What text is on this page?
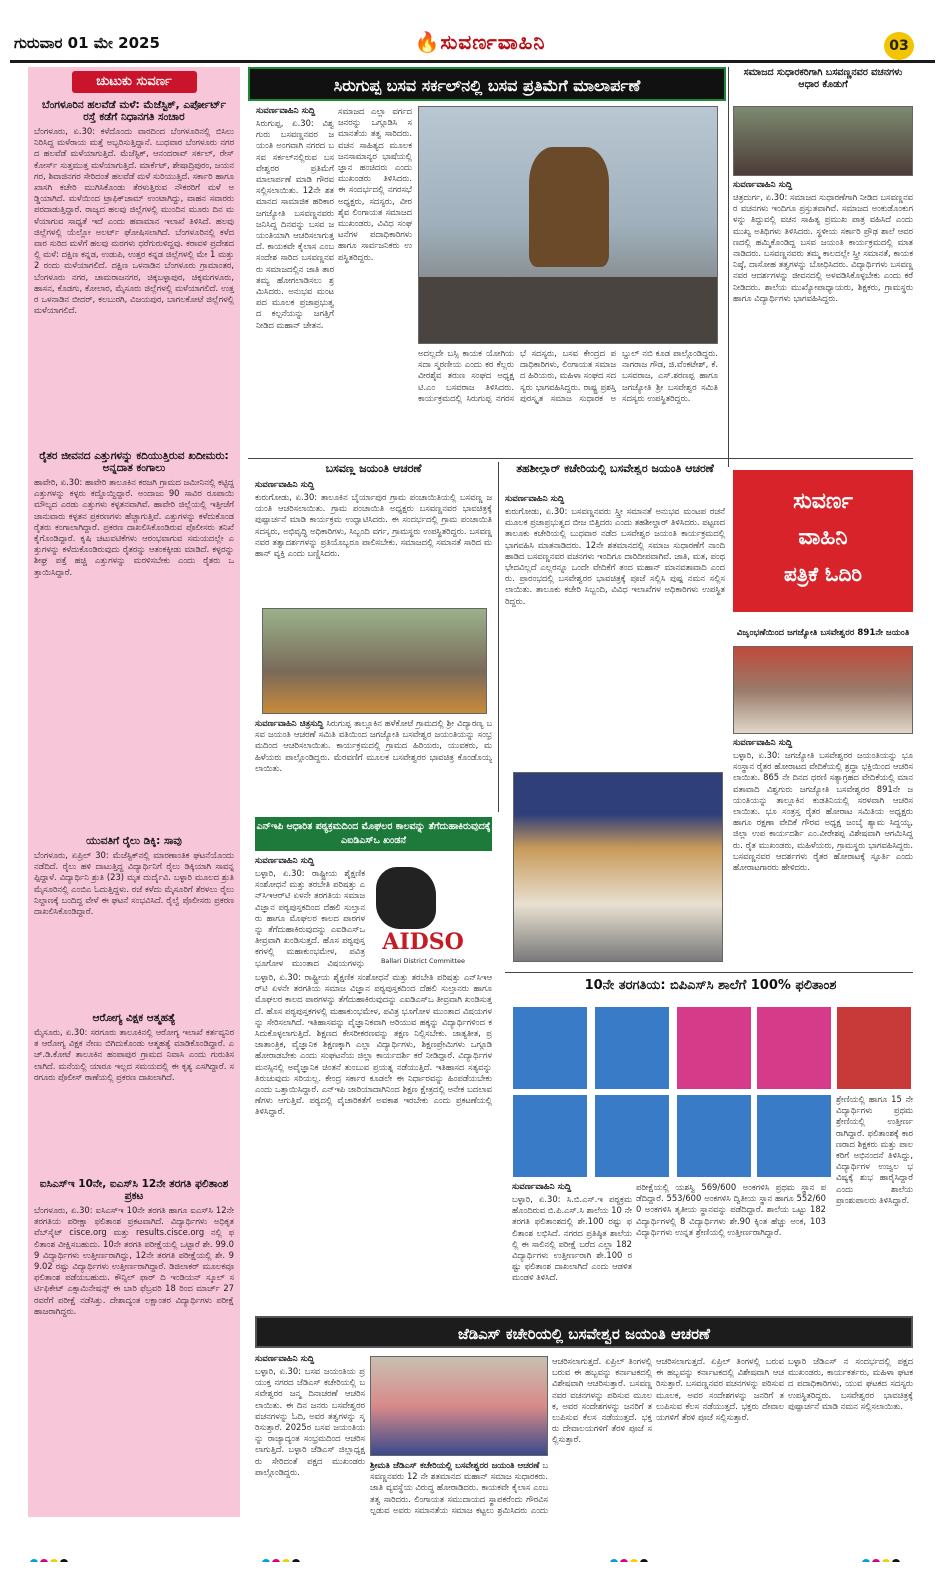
ಗುರುವಾರ 01 ಮೇ 2025	🔥ಸುವರ್ಣವಾಹಿನಿ	03
ಚುಟುಕು ಸುವರ್ಣ
ಬೆಂಗಳೂರಿನ ಹಲವೆಡೆ ಮಳೆ: ಮೆಜೆಸ್ಟಿಕ್, ಎರ್ಪೋರ್ಟ್ ರಸ್ತೆ ಕಡೆಗೆ ನಿಧಾನಗತಿ ಸಂಚಾರ
ಬೆಂಗಳೂರು, ಏ.30: ಕಳೆದೊಂದು ವಾರದಿಂದ ಬೆಂಗಳೂರಿನಲ್ಲಿ ಬಿಸಿಲು ನಿರಿಸಿದ್ದ ಮಳೆರಾಯ ಮತ್ತೆ ಅಬ್ಬರಿಸುತ್ತಿದ್ದಾನೆ. ಬುಧವಾರ ಬೆಂಗಳೂರು ನಗರದ ಹಲವೆಡೆ ಮಳೆಯಾಗುತ್ತಿದೆ. ಮೆಜೆಸ್ಟಿಕ್, ಆನಂದರಾವ್ ಸರ್ಕಲ್, ರೇಸ್ ಕೋರ್ಸ್ ಸುತ್ತಮುತ್ತ ಮಳೆಯಾಗುತ್ತಿದೆ. ಮಾರ್ಕೆಟ್, ಶೇಷಾದ್ರಿಪುರಂ, ಜಯನಗರ, ಶಿವಾಜಿನಗರ ಸೇರಿದಂತೆ ಹಲವೆಡೆ ಮಳೆ ಸುರಿಯುತ್ತಿದೆ. ಸರ್ಕಾರಿ ಹಾಗೂ ಖಾಸಗಿ ಕಚೇರಿ ಮುಗಿಸಿಕೊಂಡು ತೆರಳುತ್ತಿರುವ ನೌಕರರಿಗೆ ಮಳೆ ಅಡ್ಡಿಯಾಗಿದೆ. ಮಳೆಯಿಂದ ಟ್ರಾಫಿಕ್‌ಜಾಮ್ ಉಂಟಾಗಿದ್ದು, ವಾಹನ ಸವಾರರು ಪರದಾಡುತ್ತಿದ್ದಾರೆ. ರಾಜ್ಯದ ಹಲವು ಜಿಲ್ಲೆಗಳಲ್ಲಿ ಮುಂದಿನ ಮೂರು ದಿನ ಮಳೆಯಾಗುವ ಸಾಧ್ಯತೆ ಇದೆ ಎಂದು ಹವಾಮಾನ ಇಲಾಖೆ ತಿಳಿಸಿದೆ. ಹಲವು ಜಿಲ್ಲೆಗಳಲ್ಲಿ ಯೆಲ್ಲೋ ಅಲರ್ಟ್ ಘೋಷಿಸಲಾಗಿದೆ. ಬೆಂಗಳೂರಿನಲ್ಲಿ ಕಳೆದ ವಾರ ಸುರಿದ ಮಳೆಗೆ ಹಲವು ಮರಗಳು ಧರೆಗುರುಳಿದ್ದವು. ಕರಾವಳಿ ಪ್ರದೇಶದಲ್ಲಿ ಮಳೆ: ದಕ್ಷಿಣ ಕನ್ನಡ, ಉಡುಪಿ, ಉತ್ತರ ಕನ್ನಡ ಜಿಲ್ಲೆಗಳಲ್ಲಿ ಮೇ 1 ಮತ್ತು 2 ರಂದು ಮಳೆಯಾಗಲಿದೆ. ದಕ್ಷಿಣ ಒಳನಾಡಿನ ಬೆಂಗಳೂರು ಗ್ರಾಮಾಂತರ, ಬೆಂಗಳೂರು ನಗರ, ಚಾಮರಾಜನಗರ, ಚಿಕ್ಕಬಳ್ಳಾಪುರ, ಚಿಕ್ಕಮಗಳೂರು, ಹಾಸನ, ಕೊಡಗು, ಕೋಲಾರ, ಮೈಸೂರು ಜಿಲ್ಲೆಗಳಲ್ಲಿ ಮಳೆಯಾಗಲಿದೆ. ಉತ್ತರ ಒಳನಾಡಿನ ಬೀದರ್, ಕಲಬುರಗಿ, ವಿಜಯಪುರ, ಬಾಗಲಕೋಟೆ ಜಿಲ್ಲೆಗಳಲ್ಲಿ ಮಳೆಯಾಗಲಿದೆ.
ರೈತರ ಜೀವನದ ಎತ್ತುಗಳನ್ನು ಕದಿಯುತ್ತಿರುವ ಖದೀಮರು: ಅನ್ನದಾತ ಕಂಗಾಲು
ಹಾವೇರಿ, ಏ.30: ಹಾವೇರಿ ತಾಲೂಕಿನ ಕರಜಗಿ ಗ್ರಾಮದ ಜಮೀನಿನಲ್ಲಿ ಕಟ್ಟಿದ್ದ ಎತ್ತುಗಳನ್ನು ಕಳ್ಳರು ಕದ್ದೊಯ್ದಿದ್ದಾರೆ. ಅಂದಾಜು 90 ಸಾವಿರ ರೂಪಾಯಿ ಮೌಲ್ಯದ ಎರಡು ಎತ್ತುಗಳು ಕಳ್ಳತನವಾಗಿವೆ. ಹಾವೇರಿ ಜಿಲ್ಲೆಯಲ್ಲಿ ಇತ್ತೀಚೆಗೆ ಜಾನುವಾರು ಕಳ್ಳತನ ಪ್ರಕರಣಗಳು ಹೆಚ್ಚಾಗುತ್ತಿವೆ. ಎತ್ತುಗಳನ್ನು ಕಳೆದುಕೊಂಡ ರೈತರು ಕಂಗಾಲಾಗಿದ್ದಾರೆ. ಪ್ರಕರಣ ದಾಖಲಿಸಿಕೊಂಡಿರುವ ಪೊಲೀಸರು ತನಿಖೆ ಕೈಗೊಂಡಿದ್ದಾರೆ. ಕೃಷಿ ಚಟುವಟಿಕೆಗಳು ಆರಂಭವಾಗುವ ಸಮಯದಲ್ಲೇ ಎತ್ತುಗಳನ್ನು ಕಳೆದುಕೊಂಡಿರುವುದು ರೈತರನ್ನು ಆತಂಕಕ್ಕೀಡು ಮಾಡಿದೆ. ಕಳ್ಳರನ್ನು ಶೀಘ್ರ ಪತ್ತೆ ಹಚ್ಚಿ ಎತ್ತುಗಳನ್ನು ಮರಳಿಸಬೇಕು ಎಂದು ರೈತರು ಒತ್ತಾಯಿಸಿದ್ದಾರೆ.
ಯುವತಿಗೆ ರೈಲು ಡಿಕ್ಕಿ: ಸಾವು
ಬೆಂಗಳೂರು, ಏಪ್ರಿಲ್ 30: ಮೆಜೆಸ್ಟಿಕ್‌ನಲ್ಲಿ ಮಾರಣಾಂತಿಕ ಘಟನೆಯೊಂದು ನಡೆದಿದೆ. ರೈಲು ಹಳಿ ದಾಟುತ್ತಿದ್ದ ವಿದ್ಯಾರ್ಥಿನಿಗೆ ರೈಲು ಡಿಕ್ಕಿಯಾಗಿ ಸಾವನ್ನಪ್ಪಿದ್ದಾಳೆ. ವಿದ್ಯಾರ್ಥಿನಿ ಶ್ರುತಿ (23) ಮೃತ ದುರ್ದೈವಿ. ಬಳ್ಳಾರಿ ಮೂಲದ ಶ್ರುತಿ ಮೈಸೂರಿನಲ್ಲಿ ಎಂಬಿಎ ಓದುತ್ತಿದ್ದಳು. ರಜೆ ಕಳೆದು ಮೈಸೂರಿಗೆ ತೆರಳಲು ರೈಲು ನಿಲ್ದಾಣಕ್ಕೆ ಬಂದಿದ್ದ ವೇಳೆ ಈ ಘಟನೆ ಸಂಭವಿಸಿದೆ. ರೈಲ್ವೆ ಪೊಲೀಸರು ಪ್ರಕರಣ ದಾಖಲಿಸಿಕೊಂಡಿದ್ದಾರೆ.
ಆರೋಗ್ಯ ವಿಕ್ಷಕ ಆತ್ಮಹತ್ಯೆ
ಮೈಸೂರು, ಏ.30: ಸರಗೂರು ತಾಲೂಕಿನಲ್ಲಿ ಆರೋಗ್ಯ ಇಲಾಖೆ ಕರ್ತವ್ಯನಿರತ ಆರೋಗ್ಯ ವಿಕ್ಷಕ ನೇಣು ಬಿಗಿದುಕೊಂಡು ಆತ್ಮಹತ್ಯೆ ಮಾಡಿಕೊಂಡಿದ್ದಾರೆ. ಎಚ್.ಡಿ.ಕೋಟೆ ತಾಲೂಕಿನ ಹಂಪಾಪುರ ಗ್ರಾಮದ ನಿವಾಸಿ ಎಂದು ಗುರುತಿಸಲಾಗಿದೆ. ಮನೆಯಲ್ಲಿ ಯಾರೂ ಇಲ್ಲದ ಸಮಯದಲ್ಲಿ ಈ ಕೃತ್ಯ ಎಸಗಿದ್ದಾರೆ. ಸರಗೂರು ಪೊಲೀಸ್ ಠಾಣೆಯಲ್ಲಿ ಪ್ರಕರಣ ದಾಖಲಾಗಿದೆ.
ಐಸಿಎಸ್‌ಇ 10ನೇ, ಐಎಸ್‌ಸಿ 12ನೇ ತರಗತಿ ಫಲಿತಾಂಶ ಪ್ರಕಟ
ಬೆಂಗಳೂರು, ಏ.30: ಐಸಿಎಸ್‌ಇ 10ನೇ ತರಗತಿ ಹಾಗೂ ಐಎಸ್‌ಸಿ 12ನೇ ತರಗತಿಯ ಪರೀಕ್ಷಾ ಫಲಿತಾಂಶ ಪ್ರಕಟವಾಗಿದೆ. ವಿದ್ಯಾರ್ಥಿಗಳು ಅಧಿಕೃತ ವೆಬ್‌ಸೈಟ್ cisce.org ಮತ್ತು results.cisce.org ನಲ್ಲಿ ಫಲಿತಾಂಶ ವೀಕ್ಷಿಸಬಹುದು. 10ನೇ ತರಗತಿ ಪರೀಕ್ಷೆಯಲ್ಲಿ ಒಟ್ಟಾರೆ ಶೇ. 99.09 ವಿದ್ಯಾರ್ಥಿಗಳು ಉತ್ತೀರ್ಣರಾಗಿದ್ದು, 12ನೇ ತರಗತಿ ಪರೀಕ್ಷೆಯಲ್ಲಿ ಶೇ. 99.02 ರಷ್ಟು ವಿದ್ಯಾರ್ಥಿಗಳು ಉತ್ತೀರ್ಣರಾಗಿದ್ದಾರೆ. ಡಿಜಿಲಾಕರ್ ಮೂಲಕವೂ ಫಲಿತಾಂಶ ಪಡೆಯಬಹುದು. ಕೌನ್ಸಿಲ್ ಫಾರ್ ದಿ ಇಂಡಿಯನ್ ಸ್ಕೂಲ್ ಸರ್ಟಿಫಿಕೇಟ್ ಎಕ್ಸಾಮಿನೇಷನ್ಸ್ ಈ ಬಾರಿ ಫೆಬ್ರವರಿ 18 ರಿಂದ ಮಾರ್ಚ್ 27 ರವರೆಗೆ ಪರೀಕ್ಷೆ ನಡೆಸಿತ್ತು. ದೇಶಾದ್ಯಂತ ಲಕ್ಷಾಂತರ ವಿದ್ಯಾರ್ಥಿಗಳು ಪರೀಕ್ಷೆ ಹಾಜರಾಗಿದ್ದರು.
ಸಿರುಗುಪ್ಪ ಬಸವ ಸರ್ಕಲ್‌ನಲ್ಲಿ ಬಸವ ಪ್ರತಿಮೆಗೆ ಮಾಲಾರ್ಪಣೆ
ಸುವರ್ಣವಾಹಿನಿ ಸುದ್ದಿ
ಸಿರುಗುಪ್ಪ, ಏ.30: ವಿಶ್ವ ಗುರು ಬಸವಣ್ಣನವರ ಜಯಂತಿ ಅಂಗವಾಗಿ ನಗರದ ಬಸವ ಸರ್ಕಲ್‌ನಲ್ಲಿರುವ ಬಸವೇಶ್ವರರ ಪ್ರತಿಮೆಗೆ ಮಾಲಾರ್ಪಣೆ ಮಾಡಿ ಗೌರವ ಸಲ್ಲಿಸಲಾಯಿತು. 12ನೇ ಶತಮಾನದ ಸಾಮಾಜಿಕ ಹರಿಕಾರ ಜಗಜ್ಯೋತಿ ಬಸವಣ್ಣನವರು ಜನಿಸಿದ್ದ ದಿನವನ್ನು ಬಸವ ಜಯಂತಿಯಾಗಿ ಆಚರಿಸಲಾಗುತ್ತದೆ. ಕಾಯಕವೇ ಕೈಲಾಸ ಎಂಬ ಸಂದೇಶ ಸಾರಿದ ಬಸವಣ್ಣನವರು ಸಮಾಜದಲ್ಲಿನ ಜಾತಿ ತಾರತಮ್ಯ ಹೋಗಲಾಡಿಸಲು ಶ್ರಮಿಸಿದರು. ಅನುಭವ ಮಂಟಪದ ಮೂಲಕ ಪ್ರಜಾಪ್ರಭುತ್ವದ ಕಲ್ಪನೆಯನ್ನು ಜಗತ್ತಿಗೆ ನೀಡಿದ ಮಹಾನ್ ಚೇತನ.
ಸಮಾಜದ ಎಲ್ಲಾ ವರ್ಗದ ಜನರನ್ನು ಒಗ್ಗೂಡಿಸಿ ಸಮಾನತೆಯ ತತ್ವ ಸಾರಿದರು. ವಚನ ಸಾಹಿತ್ಯದ ಮೂಲಕ ಜನಸಾಮಾನ್ಯರ ಭಾಷೆಯಲ್ಲಿ ಜ್ಞಾನ ಹಂಚಿದರು ಎಂದು ಮುಖಂಡರು ತಿಳಿಸಿದರು. ಈ ಸಂದರ್ಭದಲ್ಲಿ ನಗರಸಭೆ ಅಧ್ಯಕ್ಷರು, ಸದಸ್ಯರು, ವೀರಶೈವ ಲಿಂಗಾಯತ ಸಮಾಜದ ಮುಖಂಡರು, ವಿವಿಧ ಸಂಘಟನೆಗಳ ಪದಾಧಿಕಾರಿಗಳು ಹಾಗೂ ಸಾರ್ವಜನಿಕರು ಉಪಸ್ಥಿತರಿದ್ದರು.
ಅದಲ್ಲದೇ ಬಸ್ಸಿ ಕಾಯಕ ಯೋಗಿಯ ಸದಾ ಸ್ಮರಣೀಯ ಎಂದು ಕರ ಕೆಲ್ಲರು ವೀರಶೈವ ತರುಣ ಸಂಘದ ಅಧ್ಯಕ್ಷ ಟಿ.ಎಂ ಬಸವರಾಜ ತಿಳಿಸಿದರು. ಕಾರ್ಯಕ್ರಮದಲ್ಲಿ ಸಿರುಗುಪ್ಪ ನಗರಸಭೆ ಸದಸ್ಯರು, ಬಸವ ಕೇಂದ್ರದ ಪದಾಧಿಕಾರಿಗಳು, ಲಿಂಗಾಯತ ಸಮಾಜದ ಹಿರಿಯರು, ಮಹಿಳಾ ಸಂಘದ ಸದಸ್ಯರು ಭಾಗವಹಿಸಿದ್ದರು. ರಾಷ್ಟ್ರ ಪ್ರಶಸ್ತಿ ಪುರಸ್ಕೃತ ಸಮಾಜ ಸುಧಾರಕ ಅಬ್ದುಲ್ ನಬಿ ಕೂಡ ಪಾಲ್ಗೊಂಡಿದ್ದರು. ನಾಗರಾಜ ಗೌಡ, ಜಿ.ವೆಂಕಟೇಶ್, ಕೆ.ಬಸವರಾಜ, ಎಸ್.ಶರಣಪ್ಪ ಹಾಗೂ ಜಗಜ್ಯೋತಿ ಶ್ರೀ ಬಸವೇಶ್ವರ ಸಮಿತಿ ಸದಸ್ಯರು ಉಪಸ್ಥಿತರಿದ್ದರು.
ಸಮಾಜದ ಸುಧಾರಕರಿಗಾಗಿ ಬಸವಣ್ಣನವರ ವಚನಗಳು ಆಧಾರ ಕೊಡುಗೆ
ಸುವರ್ಣವಾಹಿನಿ ಸುದ್ದಿ
ಚಿತ್ರದುರ್ಗ, ಏ.30: ಸಮಾಜದ ಸುಧಾರಣೆಗಾಗಿ ನೀಡಿದ ಬಸವಣ್ಣನವರ ವಚನಗಳು ಇಂದಿಗೂ ಪ್ರಸ್ತುತವಾಗಿವೆ. ಸಮಾಜದ ಅಂಕುಡೊಂಕುಗಳನ್ನು ತಿದ್ದುವಲ್ಲಿ ವಚನ ಸಾಹಿತ್ಯ ಪ್ರಮುಖ ಪಾತ್ರ ವಹಿಸಿದೆ ಎಂದು ಮುಖ್ಯ ಅತಿಥಿಗಳು ತಿಳಿಸಿದರು. ಸ್ಥಳೀಯ ಸರ್ಕಾರಿ ಪ್ರೌಢ ಶಾಲೆ ಆವರಣದಲ್ಲಿ ಹಮ್ಮಿಕೊಂಡಿದ್ದ ಬಸವ ಜಯಂತಿ ಕಾರ್ಯಕ್ರಮದಲ್ಲಿ ಮಾತನಾಡಿದರು. ಬಸವಣ್ಣನವರು ತಮ್ಮ ಕಾಲದಲ್ಲೇ ಸ್ತ್ರೀ ಸಮಾನತೆ, ಕಾಯಕ ನಿಷ್ಠೆ, ದಾಸೋಹ ತತ್ವಗಳನ್ನು ಬೋಧಿಸಿದರು. ವಿದ್ಯಾರ್ಥಿಗಳು ಬಸವಣ್ಣನವರ ಆದರ್ಶಗಳನ್ನು ಜೀವನದಲ್ಲಿ ಅಳವಡಿಸಿಕೊಳ್ಳಬೇಕು ಎಂದು ಕರೆ ನೀಡಿದರು. ಶಾಲೆಯ ಮುಖ್ಯೋಪಾಧ್ಯಾಯರು, ಶಿಕ್ಷಕರು, ಗ್ರಾಮಸ್ಥರು ಹಾಗೂ ವಿದ್ಯಾರ್ಥಿಗಳು ಭಾಗವಹಿಸಿದ್ದರು.
ಬಸವಣ್ಣ ಜಯಂತಿ ಆಚರಣೆ
ಸುವರ್ಣವಾಹಿನಿ ಸುದ್ದಿ
ಕುರುಗೋಡು, ಏ.30: ತಾಲೂಕಿನ ಬೈರ್ಯಾಪುರ ಗ್ರಾಮ ಪಂಚಾಯಿತಿಯಲ್ಲಿ ಬಸವಣ್ಣ ಜಯಂತಿ ಆಚರಿಸಲಾಯಿತು. ಗ್ರಾಮ ಪಂಚಾಯಿತಿ ಅಧ್ಯಕ್ಷರು ಬಸವಣ್ಣನವರ ಭಾವಚಿತ್ರಕ್ಕೆ ಪುಷ್ಪಾರ್ಚನೆ ಮಾಡಿ ಕಾರ್ಯಕ್ರಮ ಉದ್ಘಾಟಿಸಿದರು. ಈ ಸಂದರ್ಭದಲ್ಲಿ ಗ್ರಾಮ ಪಂಚಾಯಿತಿ ಸದಸ್ಯರು, ಅಭಿವೃದ್ಧಿ ಅಧಿಕಾರಿಗಳು, ಸಿಬ್ಬಂದಿ ವರ್ಗ, ಗ್ರಾಮಸ್ಥರು ಉಪಸ್ಥಿತರಿದ್ದರು. ಬಸವಣ್ಣನವರ ತತ್ವಾದರ್ಶಗಳನ್ನು ಪ್ರತಿಯೊಬ್ಬರೂ ಪಾಲಿಸಬೇಕು. ಸಮಾಜದಲ್ಲಿ ಸಮಾನತೆ ಸಾರಿದ ಮಹಾನ್ ವ್ಯಕ್ತಿ ಎಂದು ಬಣ್ಣಿಸಿದರು.
ಸುವರ್ಣವಾಹಿನಿ ಚಿತ್ರಸುದ್ದಿ ಸಿರುಗುಪ್ಪ ತಾಲ್ಲೂಕಿನ ಹಳೆಕೋಟೆ ಗ್ರಾಮದಲ್ಲಿ ಶ್ರೀ ವಿದ್ಯಾರಣ್ಯ ಬಸವ ಜಯಂತಿ ಆಚರಣೆ ಸಮಿತಿ ವತಿಯಿಂದ ಜಗಜ್ಯೋತಿ ಬಸವೇಶ್ವರ ಜಯಂತಿಯನ್ನು ಸಂಭ್ರಮದಿಂದ ಆಚರಿಸಲಾಯಿತು. ಕಾರ್ಯಕ್ರಮದಲ್ಲಿ ಗ್ರಾಮದ ಹಿರಿಯರು, ಯುವಕರು, ಮಹಿಳೆಯರು ಪಾಲ್ಗೊಂಡಿದ್ದರು. ಮೆರವಣಿಗೆ ಮೂಲಕ ಬಸವೇಶ್ವರರ ಭಾವಚಿತ್ರ ಕೊಂಡೊಯ್ಯಲಾಯಿತು.
ತಹಶೀಲ್ದಾರ್ ಕಚೇರಿಯಲ್ಲಿ ಬಸವೇಶ್ವರ ಜಯಂತಿ ಆಚರಣೆ
ಸುವರ್ಣವಾಹಿನಿ ಸುದ್ದಿ
ಕುರುಗೋಡು, ಏ.30: ಬಸವಣ್ಣನವರು ಸ್ತ್ರೀ ಸಮಾನತೆ ಅನುಭವ ಮಂಟಪ ರಚನೆ ಮೂಲಕ ಪ್ರಜಾಪ್ರಭುತ್ವದ ಬೀಜ ಬಿತ್ತಿದರು ಎಂದು ತಹಶೀಲ್ದಾರ್ ತಿಳಿಸಿದರು. ಪಟ್ಟಣದ ತಾಲೂಕು ಕಚೇರಿಯಲ್ಲಿ ಬುಧವಾರ ನಡೆದ ಬಸವೇಶ್ವರ ಜಯಂತಿ ಕಾರ್ಯಕ್ರಮದಲ್ಲಿ ಭಾಗವಹಿಸಿ ಮಾತನಾಡಿದರು. 12ನೇ ಶತಮಾನದಲ್ಲಿ ಸಮಾಜ ಸುಧಾರಣೆಗೆ ನಾಂದಿ ಹಾಡಿದ ಬಸವಣ್ಣನವರ ವಚನಗಳು ಇಂದಿಗೂ ದಾರಿದೀಪವಾಗಿವೆ. ಜಾತಿ, ಮತ, ಪಂಥ ಭೇದವಿಲ್ಲದೆ ಎಲ್ಲರನ್ನೂ ಒಂದೇ ವೇದಿಕೆಗೆ ತಂದ ಮಹಾನ್ ಮಾನವತಾವಾದಿ ಎಂದರು. ಪ್ರಾರಂಭದಲ್ಲಿ ಬಸವೇಶ್ವರರ ಭಾವಚಿತ್ರಕ್ಕೆ ಪೂಜೆ ಸಲ್ಲಿಸಿ ಪುಷ್ಪ ನಮನ ಸಲ್ಲಿಸಲಾಯಿತು. ತಾಲೂಕು ಕಚೇರಿ ಸಿಬ್ಬಂದಿ, ವಿವಿಧ ಇಲಾಖೆಗಳ ಅಧಿಕಾರಿಗಳು ಉಪಸ್ಥಿತರಿದ್ದರು.
ಸುವರ್ಣ
ವಾಹಿನಿ
ಪತ್ರಿಕೆ ಓದಿರಿ
ವಿಜೃಂಭಣೆಯಿಂದ ಜಗಜ್ಯೋತಿ ಬಸವೇಶ್ವರರ 891ನೇ ಜಯಂತಿ
ಸುವರ್ಣವಾಹಿನಿ ಸುದ್ದಿ
ಬಳ್ಳಾರಿ, ಏ.30: ಜಗಜ್ಯೋತಿ ಬಸವೇಶ್ವರರ ಜಯಂತಿಯನ್ನು ಭೂ ಸಂಸ್ಥಾನ ರೈತರ ಹೋರಾಟದ ವೇದಿಕೆಯಲ್ಲಿ ಶ್ರದ್ಧಾ ಭಕ್ತಿಯಿಂದ ಆಚರಿಸಲಾಯಿತು. 865 ನೇ ದಿನದ ಧರಣಿ ಸತ್ಯಾಗ್ರಹದ ವೇದಿಕೆಯಲ್ಲಿ ಮಾನವತಾವಾದಿ ವಿಶ್ವಗುರು ಜಗಜ್ಯೋತಿ ಬಸವೇಶ್ವರರ 891ನೇ ಜಯಂತಿಯನ್ನು ತಾಲ್ಲೂಕಿನ ಕುಡತಿನಿಯಲ್ಲಿ ಸರಳವಾಗಿ ಆಚರಿಸಲಾಯಿತು. ಭೂ ಸಂತ್ರಸ್ತ ರೈತರ ಹೋರಾಟ ಸಮಿತಿಯ ಅಧ್ಯಕ್ಷರು ಹಾಗೂ ರಕ್ಷಣಾ ವೇದಿಕೆ ಗೌರವ ಅಧ್ಯಕ್ಷ ಜಂಬೈ ಶ್ಯಾಮ ಸಿದ್ದಯ್ಯ, ಜಿಲ್ಲಾ ಉಪ ಕಾರ್ಯದರ್ಶಿ ಎಂ.ವೀರೇಶಪ್ಪ ವಿಶೇಷವಾಗಿ ಆಗಮಿಸಿದ್ದರು. ರೈತ ಮುಖಂಡರು, ಮಹಿಳೆಯರು, ಗ್ರಾಮಸ್ಥರು ಭಾಗವಹಿಸಿದ್ದರು. ಬಸವಣ್ಣನವರ ಆದರ್ಶಗಳು ರೈತರ ಹೋರಾಟಕ್ಕೆ ಸ್ಫೂರ್ತಿ ಎಂದು ಹೋರಾಟಗಾರರು ಹೇಳಿದರು.
ಎನ್‌ಇಪಿ ಆಧಾರಿತ ಪಠ್ಯಕ್ರಮದಿಂದ ಮೊಘಲರ ಕಾಲವನ್ನು ತೆಗೆದುಹಾಕಿರುವುದಕ್ಕೆ ಎಐಡಿಎಸ್‌ಒ ಖಂಡನೆ
ಸುವರ್ಣವಾಹಿನಿ ಸುದ್ದಿ
ಬಳ್ಳಾರಿ, ಏ.30: ರಾಷ್ಟ್ರೀಯ ಶೈಕ್ಷಣಿಕ ಸಂಶೋಧನೆ ಮತ್ತು ತರಬೇತಿ ಪರಿಷತ್ತು ಎನ್‌ಸಿಇಆರ್‌ಟಿ ಏಳನೇ ತರಗತಿಯ ಸಮಾಜ ವಿಜ್ಞಾನ ಪಠ್ಯಪುಸ್ತಕದಿಂದ ದೆಹಲಿ ಸುಲ್ತಾನರು ಹಾಗೂ ಮೊಘಲರ ಕಾಲದ ಪಾಠಗಳನ್ನು ತೆಗೆದುಹಾಕಿರುವುದನ್ನು ಎಐಡಿಎಸ್‌ಒ ತೀವ್ರವಾಗಿ ಖಂಡಿಸುತ್ತದೆ. ಹೊಸ ಪಠ್ಯಪುಸ್ತಕಗಳಲ್ಲಿ ಮಹಾಕುಂಭಮೇಳ, ಪವಿತ್ರ ಭೂಗೋಳ ಮುಂತಾದ ವಿಷಯಗಳನ್ನು
AIDSO
Ballari District Committee
ಬಳ್ಳಾರಿ, ಏ.30: ರಾಷ್ಟ್ರೀಯ ಶೈಕ್ಷಣಿಕ ಸಂಶೋಧನೆ ಮತ್ತು ತರಬೇತಿ ಪರಿಷತ್ತು ಎನ್‌ಸಿಇಆರ್‌ಟಿ ಏಳನೇ ತರಗತಿಯ ಸಮಾಜ ವಿಜ್ಞಾನ ಪಠ್ಯಪುಸ್ತಕದಿಂದ ದೆಹಲಿ ಸುಲ್ತಾನರು ಹಾಗೂ ಮೊಘಲರ ಕಾಲದ ಪಾಠಗಳನ್ನು ತೆಗೆದುಹಾಕಿರುವುದನ್ನು ಎಐಡಿಎಸ್‌ಒ ತೀವ್ರವಾಗಿ ಖಂಡಿಸುತ್ತದೆ. ಹೊಸ ಪಠ್ಯಪುಸ್ತಕಗಳಲ್ಲಿ ಮಹಾಕುಂಭಮೇಳ, ಪವಿತ್ರ ಭೂಗೋಳ ಮುಂತಾದ ವಿಷಯಗಳನ್ನು ಸೇರಿಸಲಾಗಿದೆ. ಇತಿಹಾಸವನ್ನು ವೈಜ್ಞಾನಿಕವಾಗಿ ಅರಿಯುವ ಹಕ್ಕನ್ನು ವಿದ್ಯಾರ್ಥಿಗಳಿಂದ ಕಸಿದುಕೊಳ್ಳಲಾಗುತ್ತಿದೆ. ಶಿಕ್ಷಣದ ಕೇಸರೀಕರಣವನ್ನು ತಕ್ಷಣ ನಿಲ್ಲಿಸಬೇಕು. ಜಾತ್ಯತೀತ, ಪ್ರಜಾತಾಂತ್ರಿಕ, ವೈಜ್ಞಾನಿಕ ಶಿಕ್ಷಣಕ್ಕಾಗಿ ಎಲ್ಲಾ ವಿದ್ಯಾರ್ಥಿಗಳು, ಶಿಕ್ಷಣಪ್ರೇಮಿಗಳು ಒಗ್ಗೂಡಿ ಹೋರಾಡಬೇಕು ಎಂದು ಸಂಘಟನೆಯ ಜಿಲ್ಲಾ ಕಾರ್ಯದರ್ಶಿ ಕರೆ ನೀಡಿದ್ದಾರೆ. ವಿದ್ಯಾರ್ಥಿಗಳ ಮನಸ್ಸಿನಲ್ಲಿ ಅವೈಜ್ಞಾನಿಕ ಚಿಂತನೆ ತುಂಬುವ ಪ್ರಯತ್ನ ನಡೆಯುತ್ತಿದೆ. ಇತಿಹಾಸದ ಸತ್ಯವನ್ನು ತಿರುಚುವುದು ಸರಿಯಲ್ಲ. ಕೇಂದ್ರ ಸರ್ಕಾರ ಕೂಡಲೇ ಈ ನಿರ್ಧಾರವನ್ನು ಹಿಂಪಡೆಯಬೇಕು ಎಂದು ಒತ್ತಾಯಿಸಿದ್ದಾರೆ. ಎನ್‌ಇಪಿ ಜಾರಿಯಾದಾಗಿನಿಂದ ಶಿಕ್ಷಣ ಕ್ಷೇತ್ರದಲ್ಲಿ ಅನೇಕ ಬದಲಾವಣೆಗಳು ಆಗುತ್ತಿವೆ. ಪಠ್ಯದಲ್ಲಿ ವೈಚಾರಿಕತೆಗೆ ಅವಕಾಶ ಇರಬೇಕು ಎಂದು ಪ್ರಕಟಣೆಯಲ್ಲಿ ತಿಳಿಸಿದ್ದಾರೆ.
10ನೇ ತರಗತಿಯ: ಬಿಪಿಎಸ್‌ಸಿ ಶಾಲೆಗೆ 100% ಫಲಿತಾಂಶ
ಸುವರ್ಣವಾಹಿನಿ ಸುದ್ದಿ
ಬಳ್ಳಾರಿ, ಏ.30: ಸಿ.ಬಿ.ಎಸ್.ಇ ಪಠ್ಯಕ್ರಮ ಹೊಂದಿರುವ ಬಿ.ಪಿ.ಎಸ್.ಸಿ ಶಾಲೆಯ 10 ನೇ ತರಗತಿ ಫಲಿತಾಂಶದಲ್ಲಿ ಶೇ.100 ರಷ್ಟು ಫಲಿತಾಂಶ ಲಭಿಸಿದೆ. ನಗರದ ಪ್ರತಿಷ್ಠಿತ ಶಾಲೆಯಲ್ಲಿ ಈ ಸಾಲಿನಲ್ಲಿ ಪರೀಕ್ಷೆ ಬರೆದ ಎಲ್ಲಾ 182 ವಿದ್ಯಾರ್ಥಿಗಳು ಉತ್ತೀರ್ಣರಾಗಿ ಶೇ.100 ರಷ್ಟು ಫಲಿತಾಂಶ ದಾಖಲಾಗಿದೆ ಎಂದು ಆಡಳಿತ ಮಂಡಳಿ ತಿಳಿಸಿದೆ.
ಪರೀಕ್ಷೆಯಲ್ಲಿ ಯಶಸ್ವಿ 569/600 ಅಂಕಗಳಿಸಿ ಪ್ರಥಮ ಸ್ಥಾನ ಪಡೆದಿದ್ದಾರೆ. 553/600 ಅಂಕಗಳಿಸಿ ದ್ವಿತೀಯ ಸ್ಥಾನ ಹಾಗೂ 552/600 ಅಂಕಗಳಿಸಿ ತೃತೀಯ ಸ್ಥಾನವನ್ನು ಪಡೆದಿದ್ದಾರೆ. ಶಾಲೆಯ ಒಟ್ಟು 182 ವಿದ್ಯಾರ್ಥಿಗಳಲ್ಲಿ 8 ವಿದ್ಯಾರ್ಥಿಗಳು ಶೇ.90 ಕ್ಕಿಂತ ಹೆಚ್ಚು ಅಂಕ, 103 ವಿದ್ಯಾರ್ಥಿಗಳು ಉನ್ನತ ಶ್ರೇಣಿಯಲ್ಲಿ ಉತ್ತೀರ್ಣರಾಗಿದ್ದಾರೆ.
ಶ್ರೇಣಿಯಲ್ಲಿ ಹಾಗೂ 15 ನೇ ವಿದ್ಯಾರ್ಥಿಗಳು ಪ್ರಥಮ ಶ್ರೇಣಿಯಲ್ಲಿ ಉತ್ತೀರ್ಣರಾಗಿದ್ದಾರೆ. ಫಲಿತಾಂಶಕ್ಕೆ ಕಾರಣರಾದ ಶಿಕ್ಷಕರು ಮತ್ತು ಪಾಲಕರಿಗೆ ಅಭಿನಂದನೆ ತಿಳಿಸಿದ್ದು, ವಿದ್ಯಾರ್ಥಿಗಳ ಉಜ್ವಲ ಭವಿಷ್ಯಕ್ಕೆ ಶುಭ ಹಾರೈಸಿದ್ದಾರೆ ಎಂದು ಶಾಲೆಯ ಪ್ರಾಂಶುಪಾಲರು ತಿಳಿಸಿದ್ದಾರೆ.
ಜೆಡಿಎಸ್ ಕಚೇರಿಯಲ್ಲಿ ಬಸವೇಶ್ವರ ಜಯಂತಿ ಆಚರಣೆ
ಸುವರ್ಣವಾಹಿನಿ ಸುದ್ದಿ
ಬಳ್ಳಾರಿ, ಏ.30: ಬಸವ ಜಯಂತಿಯ ಪ್ರಯುಕ್ತ ನಗರದ ಜೆಡಿಎಸ್ ಕಚೇರಿಯಲ್ಲಿ ಬಸವೇಶ್ವರರ ಜನ್ಮ ದಿನಾಚರಣೆ ಆಚರಿಸಲಾಯಿತು. ಈ ದಿನ ಜನರು ಬಸವೇಶ್ವರರ ವಚನಗಳನ್ನು ಓದಿ, ಅವರ ತತ್ವಗಳನ್ನು ಸ್ಮರಿಸುತ್ತಾರೆ. 2025ರ ಬಸವ ಜಯಂತಿಯನ್ನು ರಾಜ್ಯಾದ್ಯಂತ ಸಂಭ್ರಮದಿಂದ ಆಚರಿಸಲಾಗುತ್ತಿದೆ. ಬಳ್ಳಾರಿ ಜೆಡಿಎಸ್ ಜಿಲ್ಲಾಧ್ಯಕ್ಷರು ಸೇರಿದಂತೆ ಪಕ್ಷದ ಮುಖಂಡರು ಪಾಲ್ಗೊಂಡಿದ್ದರು.
ಶ್ರೀಮತಿ ಜೆಡಿಎಸ್ ಕಚೇರಿಯಲ್ಲಿ ಬಸವೇಶ್ವರರ ಜಯಂತಿ ಆಚರಣೆ ಬಸವಣ್ಣನವರು 12 ನೇ ಶತಮಾನದ ಮಹಾನ್ ಸಮಾಜ ಸುಧಾರಕರು. ಜಾತಿ ವ್ಯವಸ್ಥೆಯ ವಿರುದ್ಧ ಹೋರಾಡಿದರು. ಕಾಯಕವೇ ಕೈಲಾಸ ಎಂಬ ತತ್ವ ಸಾರಿದರು. ಲಿಂಗಾಯತ ಸಮುದಾಯದ ಸ್ಥಾಪಕರೆಂದು ಗೌರವಿಸಲ್ಪಡುವ ಅವರು ಸಮಾನತೆಯ ಸಮಾಜ ಕಟ್ಟಲು ಶ್ರಮಿಸಿದರು ಎಂದು
ಆಚರಿಸಲಾಗುತ್ತದೆ. ಏಪ್ರಿಲ್ ತಿಂಗಳಲ್ಲಿ ಬರುವ ಈ ಹಬ್ಬವನ್ನು ಕರ್ನಾಟಕದಲ್ಲಿ ವಿಶೇಷವಾಗಿ ಆಚರಿಸುತ್ತಾರೆ. ಬಸವಣ್ಣನವರ ವಚನಗಳನ್ನು ಪಠಿಸುವ ಮೂಲಕ, ಅವರ ಸಂದೇಶಗಳನ್ನು ಜನರಿಗೆ ತಲುಪಿಸುವ ಕೆಲಸ ನಡೆಯುತ್ತದೆ. ಭಕ್ತರು ದೇವಾಲಯಗಳಿಗೆ ತೆರಳಿ ಪೂಜೆ ಸಲ್ಲಿಸುತ್ತಾರೆ.
ಆಚರಿಸಲಾಗುತ್ತದೆ. ಏಪ್ರಿಲ್ ತಿಂಗಳಲ್ಲಿ ಬರುವ ಈ ಹಬ್ಬವನ್ನು ಕರ್ನಾಟಕದಲ್ಲಿ ವಿಶೇಷವಾಗಿ ಆಚರಿಸುತ್ತಾರೆ. ಬಸವಣ್ಣನವರ ವಚನಗಳನ್ನು ಪಠಿಸುವ ಮೂಲಕ, ಅವರ ಸಂದೇಶಗಳನ್ನು ಜನರಿಗೆ ತಲುಪಿಸುವ ಕೆಲಸ ನಡೆಯುತ್ತದೆ. ಭಕ್ತರು ದೇವಾಲಯಗಳಿಗೆ ತೆರಳಿ ಪೂಜೆ ಸಲ್ಲಿಸುತ್ತಾರೆ.
ಬಳ್ಳಾರಿ ಜೆಡಿಎಸ್ ನ ಸಂದರ್ಭದಲ್ಲಿ ಪಕ್ಷದ ಮುಖಂಡರು, ಕಾರ್ಯಕರ್ತರು, ಮಹಿಳಾ ಘಟಕದ ಪದಾಧಿಕಾರಿಗಳು, ಯುವ ಘಟಕದ ಸದಸ್ಯರು ಉಪಸ್ಥಿತರಿದ್ದರು. ಬಸವೇಶ್ವರರ ಭಾವಚಿತ್ರಕ್ಕೆ ಪುಷ್ಪಾರ್ಚನೆ ಮಾಡಿ ನಮನ ಸಲ್ಲಿಸಲಾಯಿತು.
